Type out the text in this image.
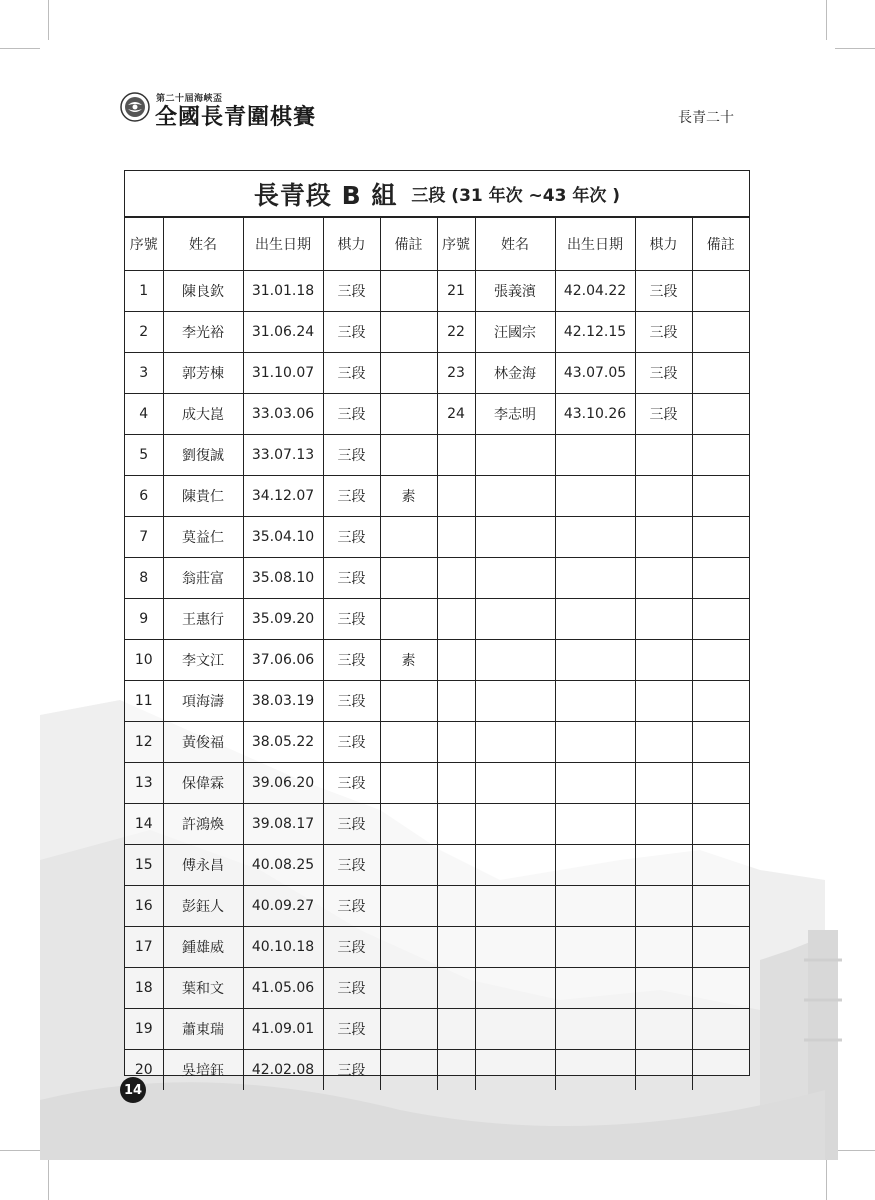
第二十屆海峽盃
全國長青圍棋賽	長青二十
長青段 B 組 三段 (31 年次 ~43 年次 )
序號	姓名	出生日期	棋力	備註	序號	姓名	出生日期	棋力	備註
1	陳良欽	31.01.18	三段		21	張義濱	42.04.22	三段	
2	李光裕	31.06.24	三段		22	汪國宗	42.12.15	三段	
3	郭芳棟	31.10.07	三段		23	林金海	43.07.05	三段	
4	成大崑	33.03.06	三段		24	李志明	43.10.26	三段	
5	劉復誠	33.07.13	三段						
6	陳貴仁	34.12.07	三段	素					
7	莫益仁	35.04.10	三段						
8	翁莊富	35.08.10	三段						
9	王惠行	35.09.20	三段						
10	李文江	37.06.06	三段	素					
11	項海濤	38.03.19	三段						
12	黃俊福	38.05.22	三段						
13	保偉霖	39.06.20	三段						
14	許鴻煥	39.08.17	三段						
15	傅永昌	40.08.25	三段						
16	彭鈺人	40.09.27	三段						
17	鍾雄威	40.10.18	三段						
18	葉和文	41.05.06	三段						
19	蕭東瑞	41.09.01	三段						
20	吳培鈺	42.02.08	三段						
14
